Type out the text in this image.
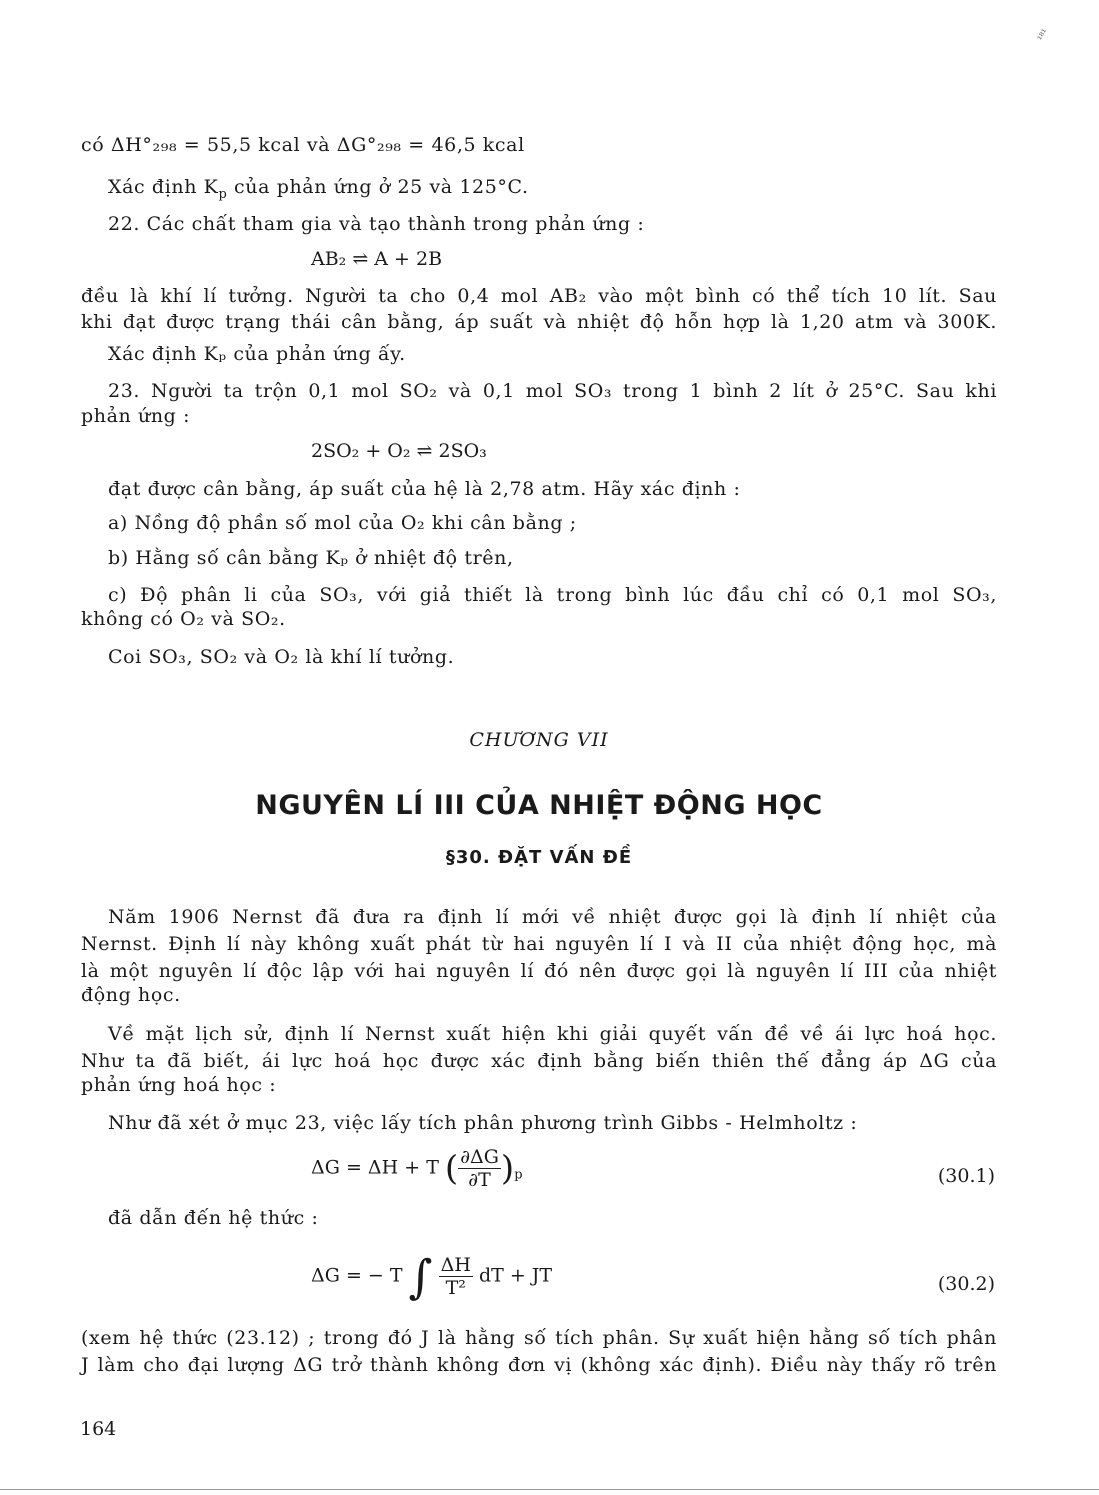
¹⁸¹
có ΔH°₂₉₈ = 55,5 kcal và ΔG°₂₉₈ = 46,5 kcal
Xác định $K_p$ của phản ứng ở 25 và 125°C.
22. Các chất tham gia và tạo thành trong phản ứng :
AB₂ ⇌ A + 2B
đều là khí lí tưởng. Người ta cho 0,4 mol AB₂ vào một bình có thể tích 10 lít. Sau
khi đạt được trạng thái cân bằng, áp suất và nhiệt độ hỗn hợp là 1,20 atm và 300K.
Xác định Kₚ của phản ứng ấy.
23. Người ta trộn 0,1 mol SO₂ và 0,1 mol SO₃ trong 1 bình 2 lít ở 25°C. Sau khi
phản ứng :
2SO₂ + O₂ ⇌ 2SO₃
đạt được cân bằng, áp suất của hệ là 2,78 atm. Hãy xác định :
a) Nồng độ phần số mol của O₂ khi cân bằng ;
b) Hằng số cân bằng Kₚ ở nhiệt độ trên,
c) Độ phân li của SO₃, với giả thiết là trong bình lúc đầu chỉ có 0,1 mol SO₃,
không có O₂ và SO₂.
Coi SO₃, SO₂ và O₂ là khí lí tưởng.
CHƯƠNG VII
NGUYÊN LÍ III CỦA NHIỆT ĐỘNG HỌC
§30. ĐẶT VẤN ĐỀ
Năm 1906 Nernst đã đưa ra định lí mới về nhiệt được gọi là định lí nhiệt của
Nernst. Định lí này không xuất phát từ hai nguyên lí I và II của nhiệt động học, mà
là một nguyên lí độc lập với hai nguyên lí đó nên được gọi là nguyên lí III của nhiệt
động học.
Về mặt lịch sử, định lí Nernst xuất hiện khi giải quyết vấn đề về ái lực hoá học.
Như ta đã biết, ái lực hoá học được xác định bằng biến thiên thế đẳng áp ΔG của
phản ứng hoá học :
Như đã xét ở mục 23, việc lấy tích phân phương trình Gibbs - Helmholtz :
ΔG = ΔH + T ( $\frac{\partial\Delta G}{\partial T} )_p$	(30.1)
đã dẫn đến hệ thức :
ΔG = − T ∫ $\frac{\Delta H}{\text{T²}}$ dT + JT	(30.2)
(xem hệ thức (23.12) ; trong đó J là hằng số tích phân. Sự xuất hiện hằng số tích phân
J làm cho đại lượng ΔG trở thành không đơn vị (không xác định). Điều này thấy rõ trên
164
